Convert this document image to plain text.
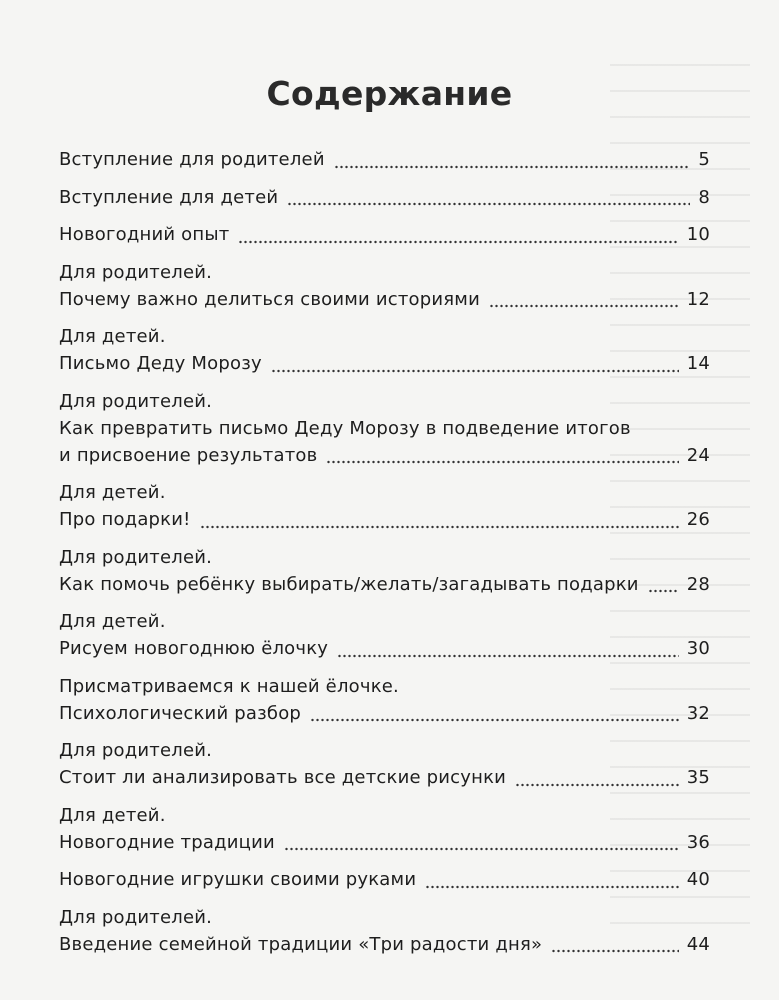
Содержание
Вступление для родителей	5
Вступление для детей	8
Новогодний опыт	10
Для родителей.
Почему важно делиться своими историями	12
Для детей.
Письмо Деду Морозу	14
Для родителей.
Как превратить письмо Деду Морозу в подведение итогов
и присвоение результатов	24
Для детей.
Про подарки!	26
Для родителей.
Как помочь ребёнку выбирать/желать/загадывать подарки	28
Для детей.
Рисуем новогоднюю ёлочку	30
Присматриваемся к нашей ёлочке.
Психологический разбор	32
Для родителей.
Стоит ли анализировать все детские рисунки	35
Для детей.
Новогодние традиции	36
Новогодние игрушки своими руками	40
Для родителей.
Введение семейной традиции «Три радости дня»	44
